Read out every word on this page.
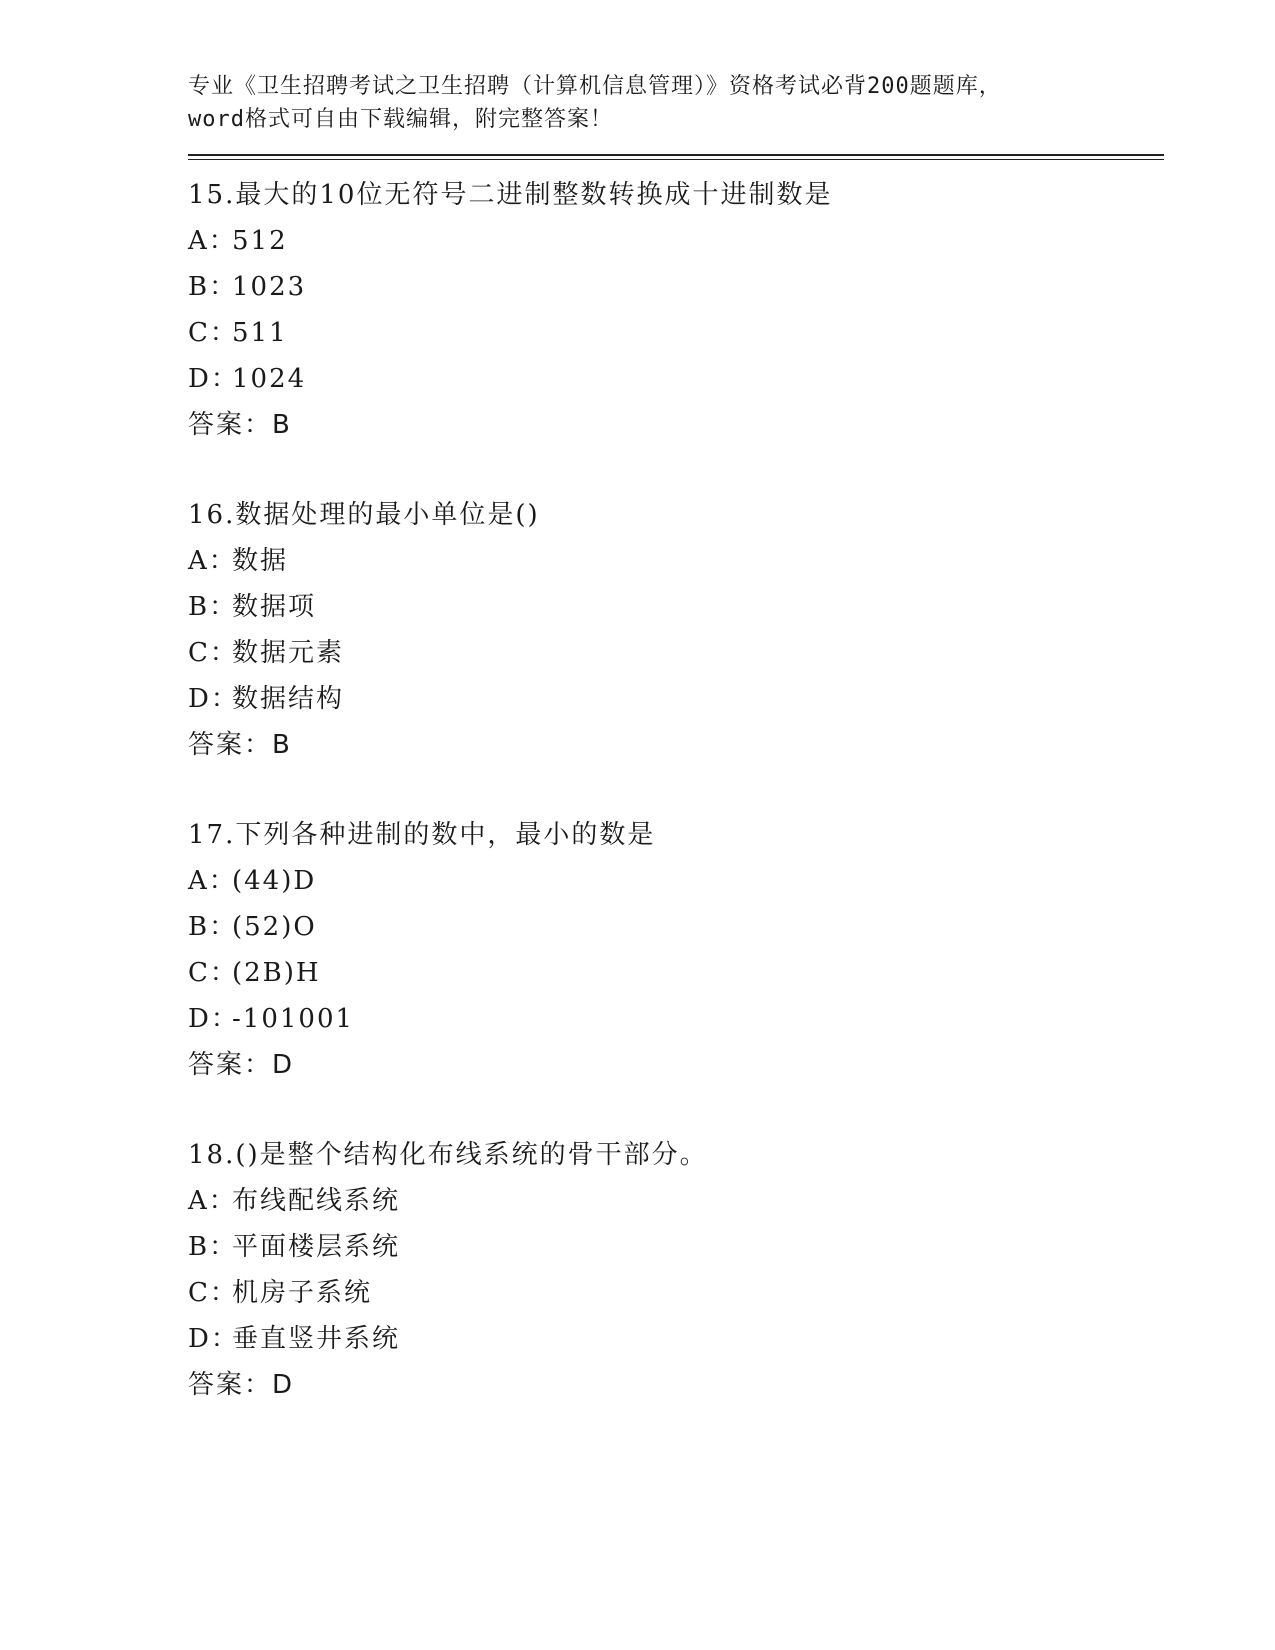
专业《卫生招聘考试之卫生招聘（计算机信息管理）》资格考试必背200题题库，
word格式可自由下载编辑，附完整答案！
15.最大的10位无符号二进制整数转换成十进制数是
A：512
B：1023
C：511
D：1024
答案：B
16.数据处理的最小单位是()
A：数据
B：数据项
C：数据元素
D：数据结构
答案：B
17.下列各种进制的数中，最小的数是
A：(44)D
B：(52)O
C：(2B)H
D：-101001
答案：D
18.()是整个结构化布线系统的骨干部分。
A：布线配线系统
B：平面楼层系统
C：机房子系统
D：垂直竖井系统
答案：D
